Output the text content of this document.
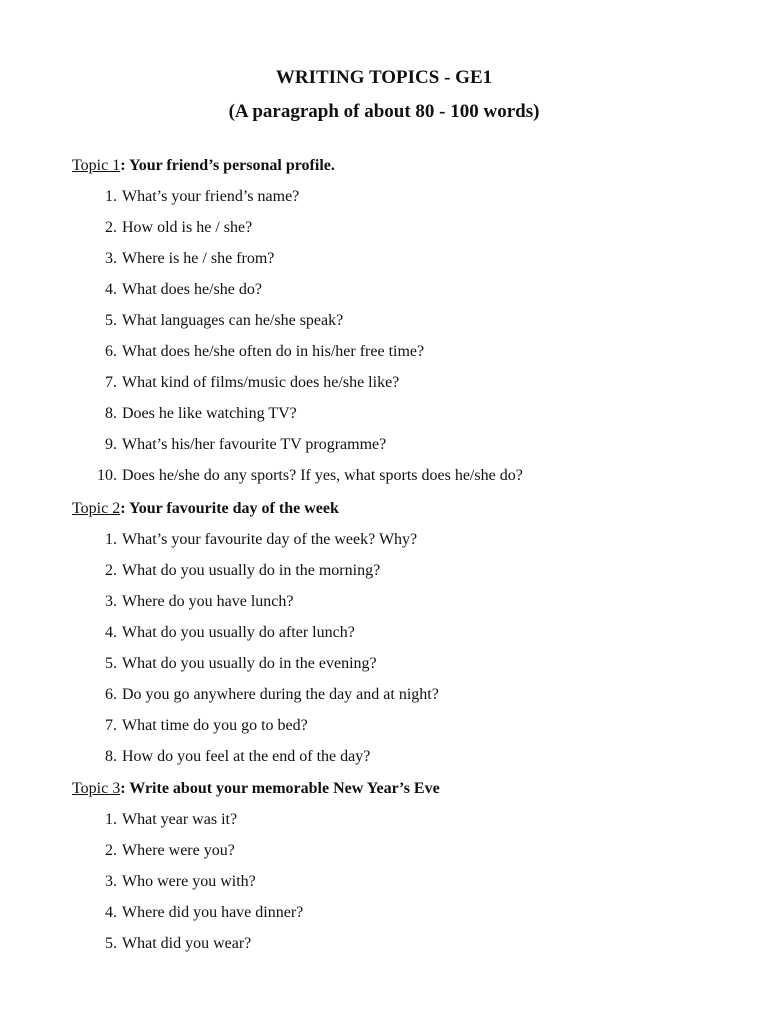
WRITING TOPICS - GE1
(A paragraph of about 80 - 100 words)

Topic 1: Your friend’s personal profile.

1. What’s your friend’s name?
2. How old is he / she?
3. Where is he / she from?
4. What does he/she do?
5. What languages can he/she speak?
6. What does he/she often do in his/her free time?
7. What kind of films/music does he/she like?
8. Does he like watching TV?
9. What’s his/her favourite TV programme?
10. Does he/she do any sports? If yes, what sports does he/she do?

Topic 2: Your favourite day of the week

1. What’s your favourite day of the week? Why?
2. What do you usually do in the morning?
3. Where do you have lunch?
4. What do you usually do after lunch?
5. What do you usually do in the evening?
6. Do you go anywhere during the day and at night?
7. What time do you go to bed?
8. How do you feel at the end of the day?

Topic 3: Write about your memorable New Year’s Eve

1. What year was it?
2. Where were you?
3. Who were you with?
4. Where did you have dinner?
5. What did you wear?
